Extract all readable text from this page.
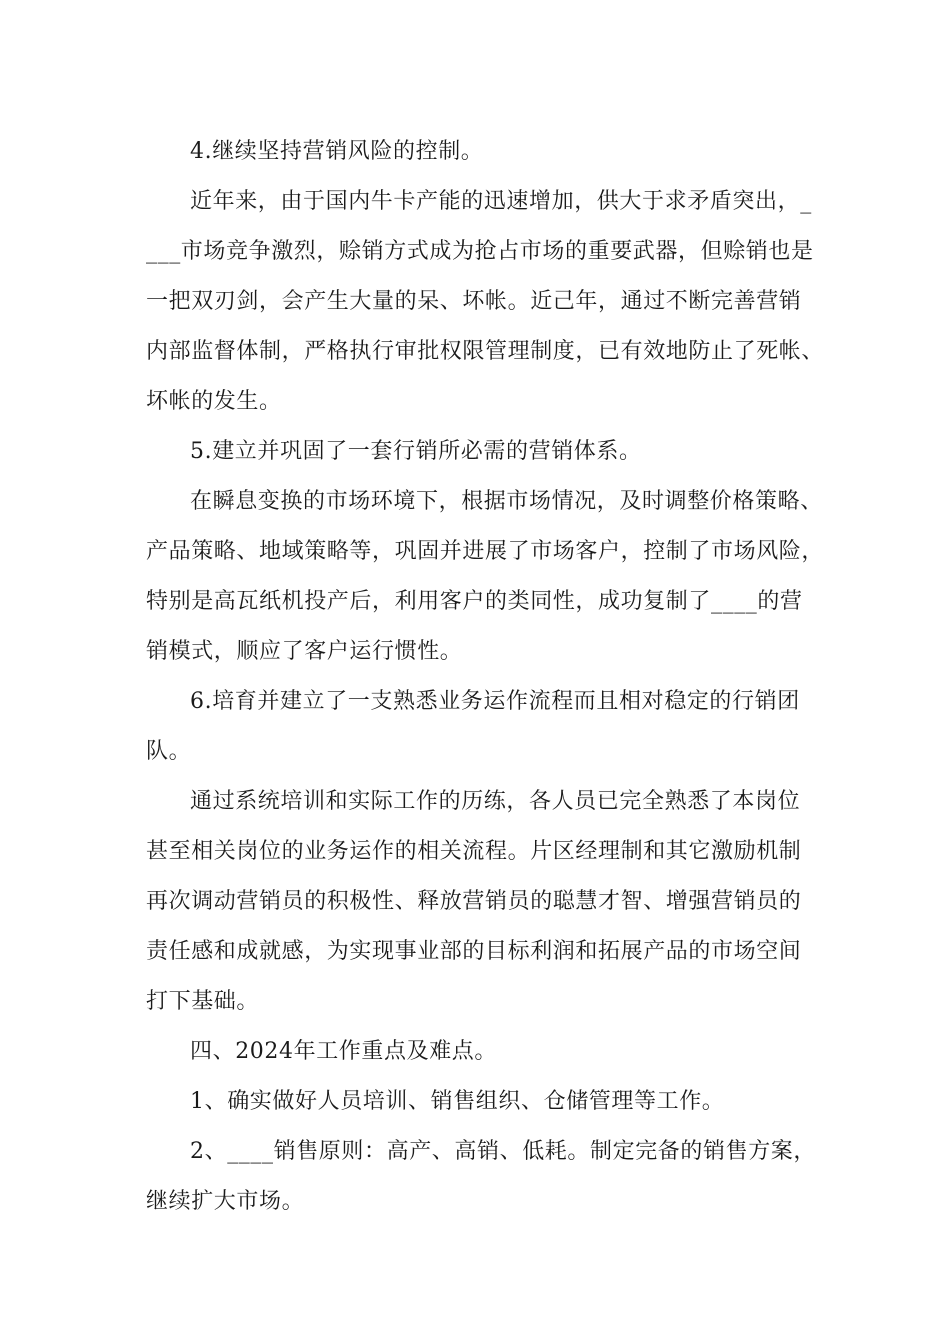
4.继续坚持营销风险的控制。
近年来，由于国内牛卡产能的迅速增加，供大于求矛盾突出，_
___市场竞争激烈，赊销方式成为抢占市场的重要武器，但赊销也是
一把双刃剑，会产生大量的呆、坏帐。近己年，通过不断完善营销
内部监督体制，严格执行审批权限管理制度，已有效地防止了死帐、
坏帐的发生。
5.建立并巩固了一套行销所必需的营销体系。
在瞬息变换的市场环境下，根据市场情况，及时调整价格策略、
产品策略、地域策略等，巩固并进展了市场客户，控制了市场风险，
特别是高瓦纸机投产后，利用客户的类同性，成功复制了____的营
销模式，顺应了客户运行惯性。
6.培育并建立了一支熟悉业务运作流程而且相对稳定的行销团
队。
通过系统培训和实际工作的历练，各人员已完全熟悉了本岗位
甚至相关岗位的业务运作的相关流程。片区经理制和其它激励机制
再次调动营销员的积极性、释放营销员的聪慧才智、增强营销员的
责任感和成就感，为实现事业部的目标利润和拓展产品的市场空间
打下基础。
四、2024年工作重点及难点。
1、确实做好人员培训、销售组织、仓储管理等工作。
2、____销售原则：高产、高销、低耗。制定完备的销售方案，
继续扩大市场。
